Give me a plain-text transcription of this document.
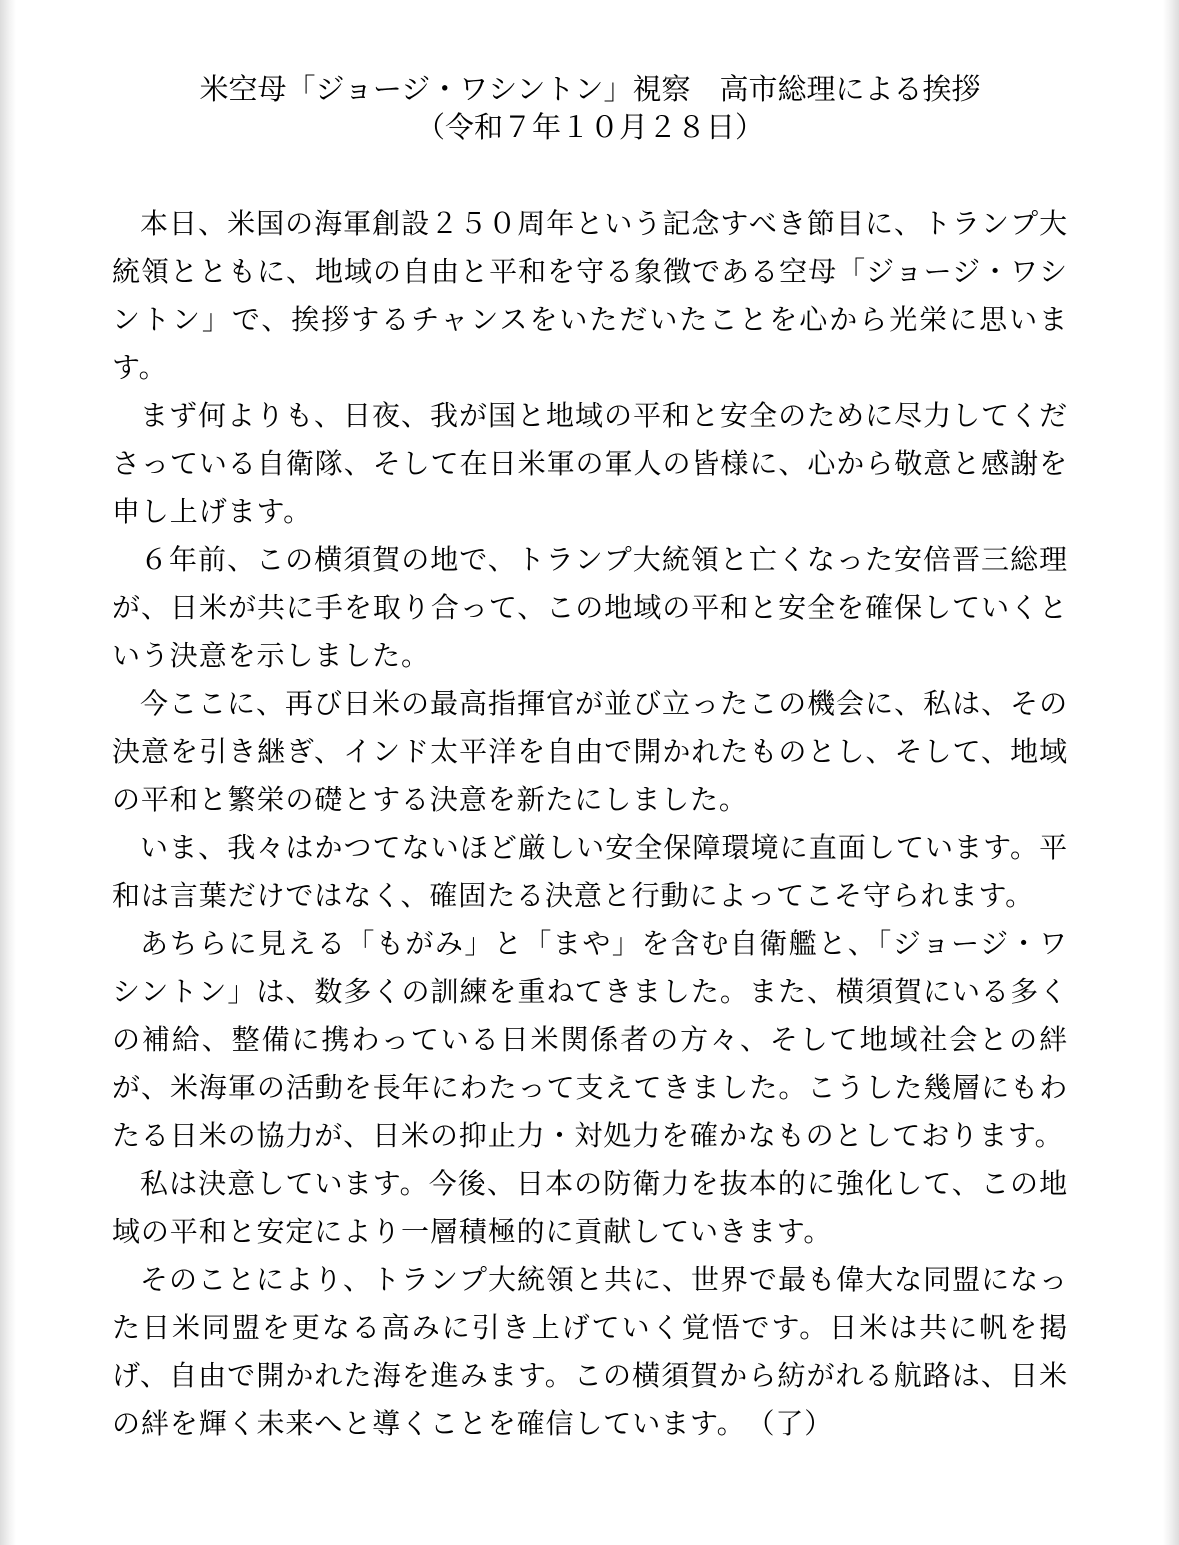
米空母「ジョージ・ワシントン」視察　高市総理による挨拶

（令和７年１０月２８日）

本日、米国の海軍創設２５０周年という記念すべき節目に、トランプ大統領とともに、地域の自由と平和を守る象徴である空母「ジョージ・ワシントン」で、挨拶するチャンスをいただいたことを心から光栄に思います。

まず何よりも、日夜、我が国と地域の平和と安全のために尽力してくださっている自衛隊、そして在日米軍の軍人の皆様に、心から敬意と感謝を申し上げます。

６年前、この横須賀の地で、トランプ大統領と亡くなった安倍晋三総理が、日米が共に手を取り合って、この地域の平和と安全を確保していくという決意を示しました。

今ここに、再び日米の最高指揮官が並び立ったこの機会に、私は、その決意を引き継ぎ、インド太平洋を自由で開かれたものとし、そして、地域の平和と繁栄の礎とする決意を新たにしました。

いま、我々はかつてないほど厳しい安全保障環境に直面しています。平和は言葉だけではなく、確固たる決意と行動によってこそ守られます。

あちらに見える「もがみ」と「まや」を含む自衛艦と、「ジョージ・ワシントン」は、数多くの訓練を重ねてきました。また、横須賀にいる多くの補給、整備に携わっている日米関係者の方々、そして地域社会との絆が、米海軍の活動を長年にわたって支えてきました。こうした幾層にもわたる日米の協力が、日米の抑止力・対処力を確かなものとしております。

私は決意しています。今後、日本の防衛力を抜本的に強化して、この地域の平和と安定により一層積極的に貢献していきます。

そのことにより、トランプ大統領と共に、世界で最も偉大な同盟になった日米同盟を更なる高みに引き上げていく覚悟です。日米は共に帆を掲げ、自由で開かれた海を進みます。この横須賀から紡がれる航路は、日米の絆を輝く未来へと導くことを確信しています。　（了）
